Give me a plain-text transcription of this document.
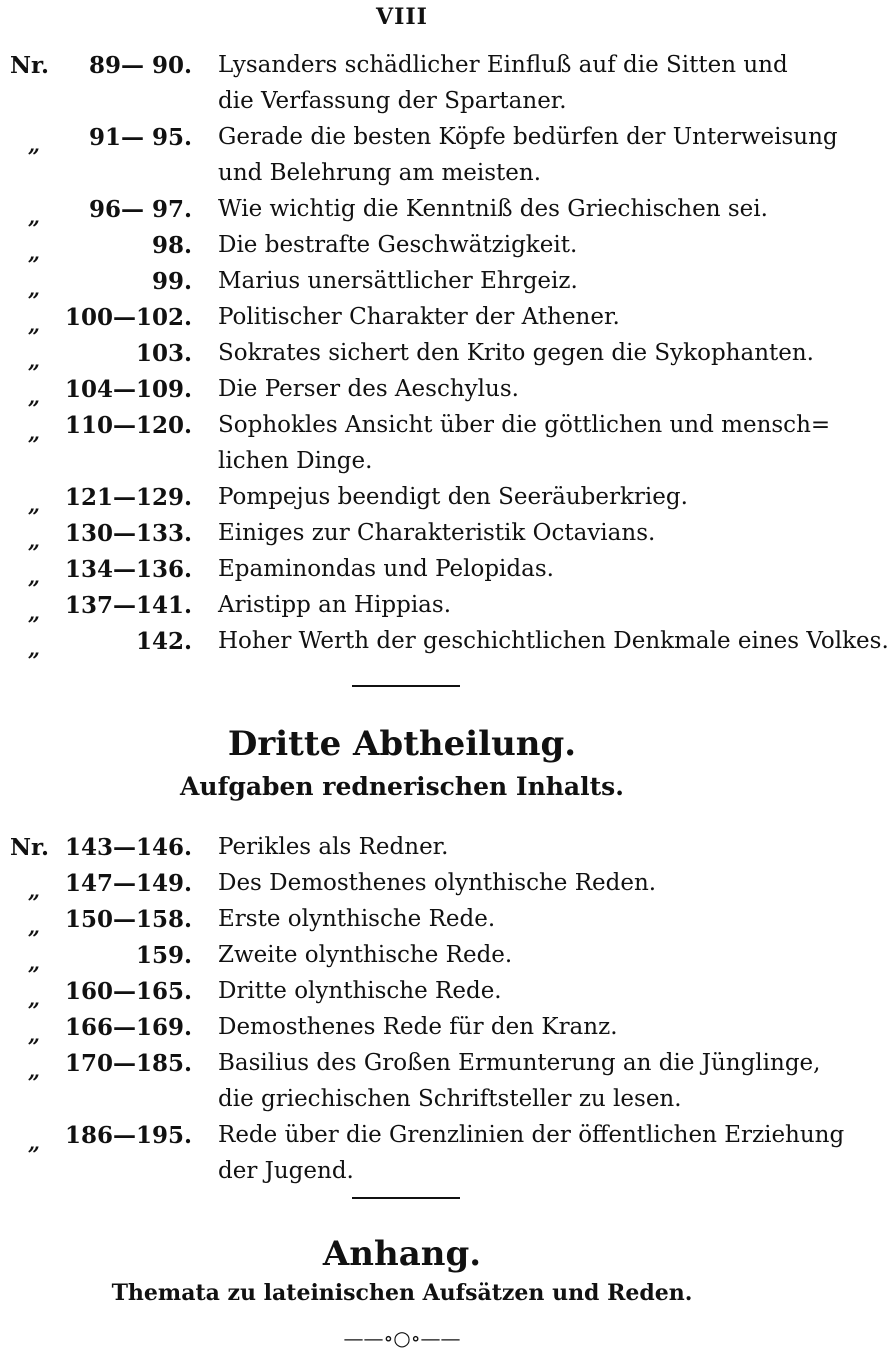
VIII
Nr.	89— 90. Lysanders schädlicher Einfluß auf die Sitten und
die Verfassung der Spartaner.
„	91— 95. Gerade die besten Köpfe bedürfen der Unterweisung
und Belehrung am meisten.
„	96— 97. Wie wichtig die Kenntniß des Griechischen sei.
„	98. Die bestrafte Geschwätzigkeit.
„	99. Marius unersättlicher Ehrgeiz.
„	100—102. Politischer Charakter der Athener.
„	103. Sokrates sichert den Krito gegen die Sykophanten.
„	104—109. Die Perser des Aeschylus.
„	110—120. Sophokles Ansicht über die göttlichen und mensch=
lichen Dinge.
„	121—129. Pompejus beendigt den Seeräuberkrieg.
„	130—133. Einiges zur Charakteristik Octavians.
„	134—136. Epaminondas und Pelopidas.
„	137—141. Aristipp an Hippias.
„	142. Hoher Werth der geschichtlichen Denkmale eines Volkes.
Dritte Abtheilung.
Aufgaben rednerischen Inhalts.
Nr. 143—146. Perikles als Redner.
„	147—149. Des Demosthenes olynthische Reden.
„	150—158. Erste olynthische Rede.
„	159. Zweite olynthische Rede.
„	160—165. Dritte olynthische Rede.
„	166—169. Demosthenes Rede für den Kranz.
„	170—185. Basilius des Großen Ermunterung an die Jünglinge,
die griechischen Schriftsteller zu lesen.
„	186—195. Rede über die Grenzlinien der öffentlichen Erziehung
der Jugend.
Anhang.
Themata zu lateinischen Aufsätzen und Reden.
——∘○∘——
